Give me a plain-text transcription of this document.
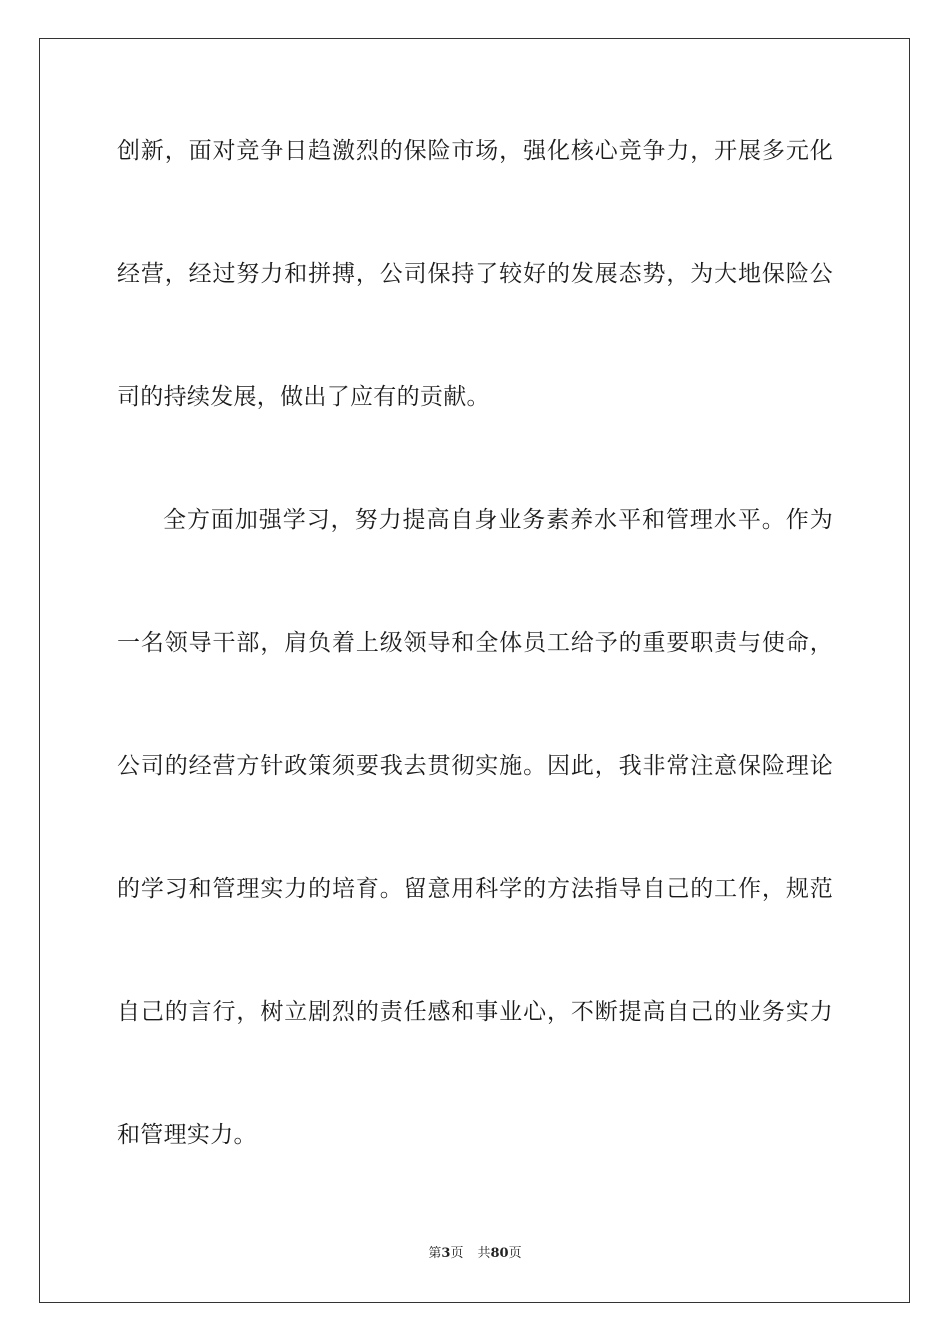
创新，面对竞争日趋激烈的保险市场，强化核心竞争力，开展多元化
经营，经过努力和拼搏，公司保持了较好的发展态势，为大地保险公
司的持续发展，做出了应有的贡献。
全方面加强学习，努力提高自身业务素养水平和管理水平。作为
一名领导干部，肩负着上级领导和全体员工给予的重要职责与使命，
公司的经营方针政策须要我去贯彻实施。因此，我非常注意保险理论
的学习和管理实力的培育。留意用科学的方法指导自己的工作，规范
自己的言行，树立剧烈的责任感和事业心，不断提高自己的业务实力
和管理实力。
第3页 共80页
